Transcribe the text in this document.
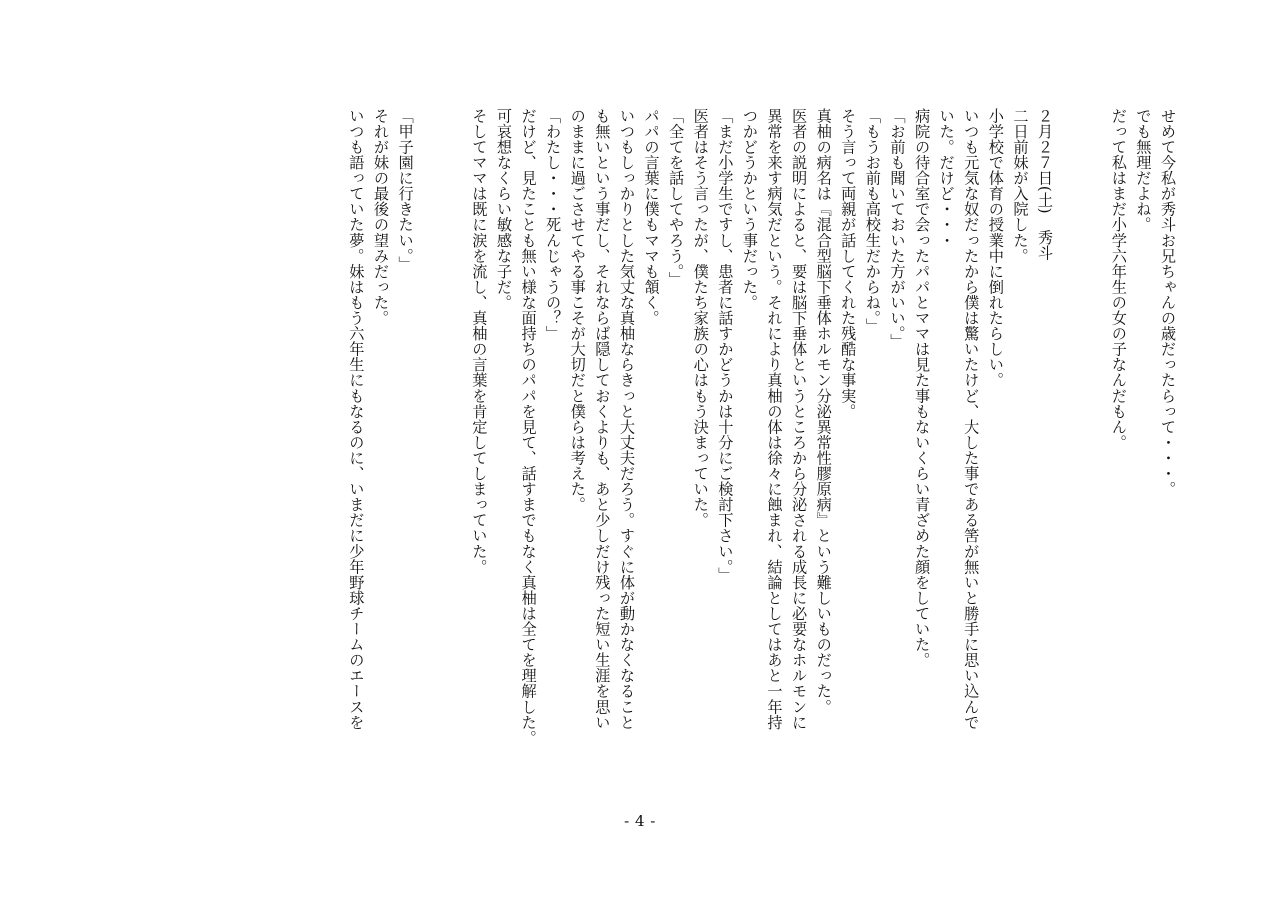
せめて今私が秀斗お兄ちゃんの歳だったらって・・・。
でも無理だよね。
だって私はまだ小学六年生の女の子なんだもん。
２月２７日(土)　秀斗
二日前妹が入院した。
小学校で体育の授業中に倒れたらしい。
いつも元気な奴だったから僕は驚いたけど、大した事である筈が無いと勝手に思い込んで
いた。だけど・・・
病院の待合室で会ったパパとママは見た事もないくらい青ざめた顔をしていた。
「お前も聞いておいた方がいい。」
「もうお前も高校生だからね。」
そう言って両親が話してくれた残酷な事実。
真柚の病名は『混合型脳下垂体ホルモン分泌異常性膠原病』という難しいものだった。
医者の説明によると、要は脳下垂体というところから分泌される成長に必要なホルモンに
異常を来す病気だという。それにより真柚の体は徐々に蝕まれ、結論としてはあと一年持
つかどうかという事だった。
「まだ小学生ですし、患者に話すかどうかは十分にご検討下さい。」
医者はそう言ったが、僕たち家族の心はもう決まっていた。
「全てを話してやろう。」
パパの言葉に僕もママも頷く。
いつもしっかりとした気丈な真柚ならきっと大丈夫だろう。すぐに体が動かなくなること
も無いという事だし、それならば隠しておくよりも、あと少しだけ残った短い生涯を思い
のままに過ごさせてやる事こそが大切だと僕らは考えた。
「わたし・・・死んじゃうの？」
だけど、見たことも無い様な面持ちのパパを見て、話すまでもなく真柚は全てを理解した。
可哀想なくらい敏感な子だ。
そしてママは既に涙を流し、真柚の言葉を肯定してしまっていた。
「甲子園に行きたい。」
それが妹の最後の望みだった。
いつも語っていた夢。妹はもう六年生にもなるのに、いまだに少年野球チームのエースを
- 4 -
